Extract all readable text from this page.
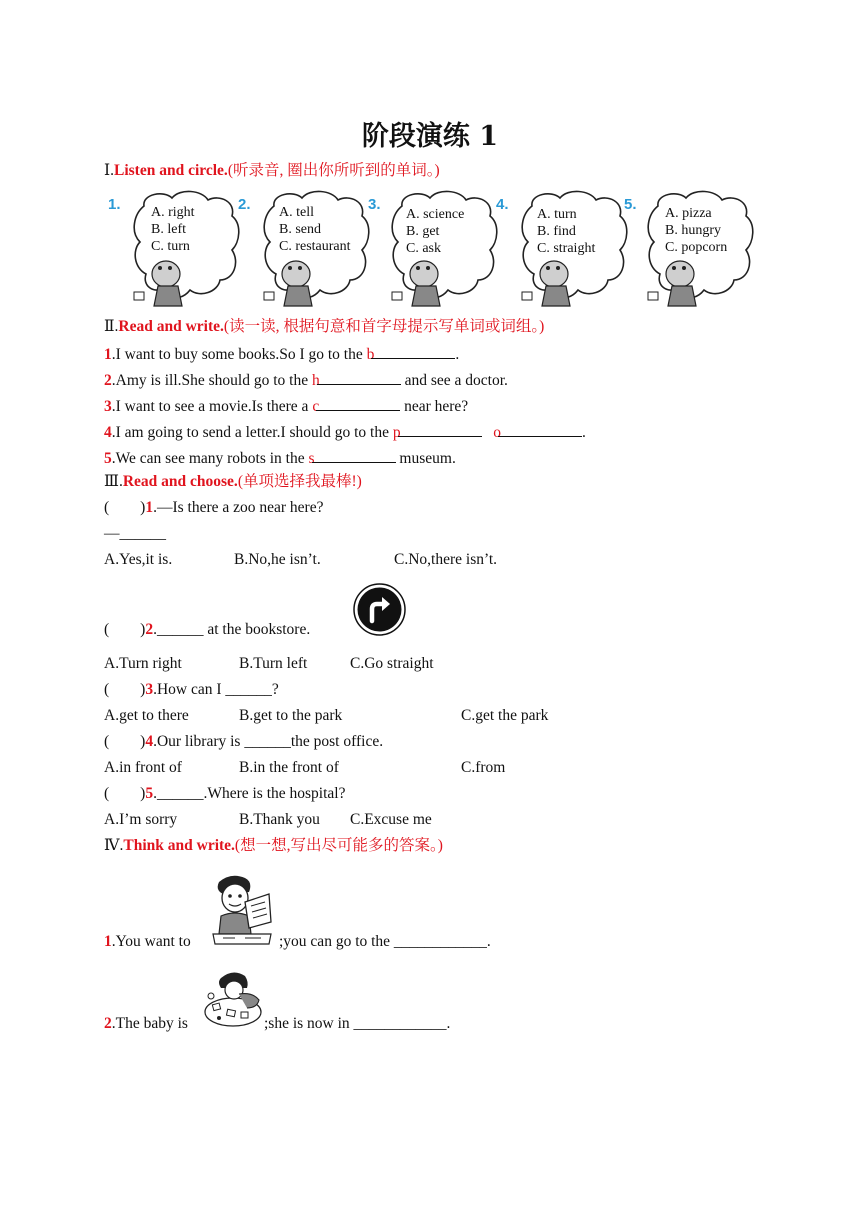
阶段演练 1
Ⅰ.Listen and circle.(听录音, 圈出你所听到的单词。)
1. A. right
B. left
C. turn
2. A. tell
B. send
C. restaurant
3.
A. science
B. get
C. ask
4.
A. turn
B. find
C. straight
5.
A. pizza
B. hungry
C. popcorn
Ⅱ.Read and write.(读一读, 根据句意和首字母提示写单词或词组。)
1.I want to buy some books.So I go to the b	.
2.Amy is ill.She should go to the h	and see a doctor.
3.I want to see a movie.Is there a c	near here?
4.I am going to send a letter.I should go to the p	o	.
5.We can see many robots in the s	museum.
Ⅲ.Read and choose.(单项选择我最棒!)
(        )1.—Is there a zoo near here?
—______
A.Yes,it is.	B.No,he isn’t.	C.No,there isn’t.
(        )2.______ at the bookstore.
A.Turn right	B.Turn left	C.Go straight
(        )3.How can I ______?
A.get to there	B.get to the park	C.get the park
(        )4.Our library is ______the post office.
A.in front of	B.in the front of	C.from
(        )5.______.Where is the hospital?
A.I’m sorry	B.Thank you C.Excuse me
Ⅳ.Think and write.(想一想,写出尽可能多的答案。)
1.You want to	;you can go to the ____________.
2.The baby is	;she is now in ____________.
